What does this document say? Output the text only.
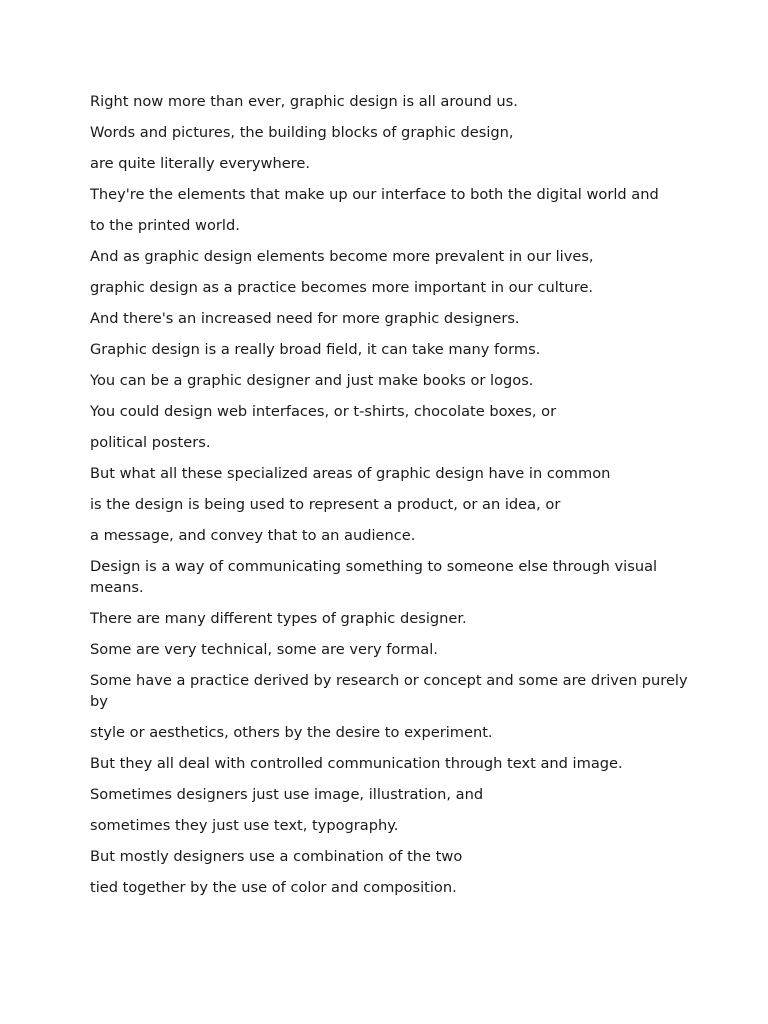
Right now more than ever, graphic design is all around us.

Words and pictures, the building blocks of graphic design,

are quite literally everywhere.

They're the elements that make up our interface to both the digital world and

to the printed world.

And as graphic design elements become more prevalent in our lives,

graphic design as a practice becomes more important in our culture.

And there's an increased need for more graphic designers.

Graphic design is a really broad field, it can take many forms.

You can be a graphic designer and just make books or logos.

You could design web interfaces, or t-shirts, chocolate boxes, or

political posters.

But what all these specialized areas of graphic design have in common

is the design is being used to represent a product, or an idea, or

a message, and convey that to an audience.

Design is a way of communicating something to someone else through visual means.

There are many different types of graphic designer.

Some are very technical, some are very formal.

Some have a practice derived by research or concept and some are driven purely by

style or aesthetics, others by the desire to experiment.

But they all deal with controlled communication through text and image.

Sometimes designers just use image, illustration, and

sometimes they just use text, typography.

But mostly designers use a combination of the two

tied together by the use of color and composition.
